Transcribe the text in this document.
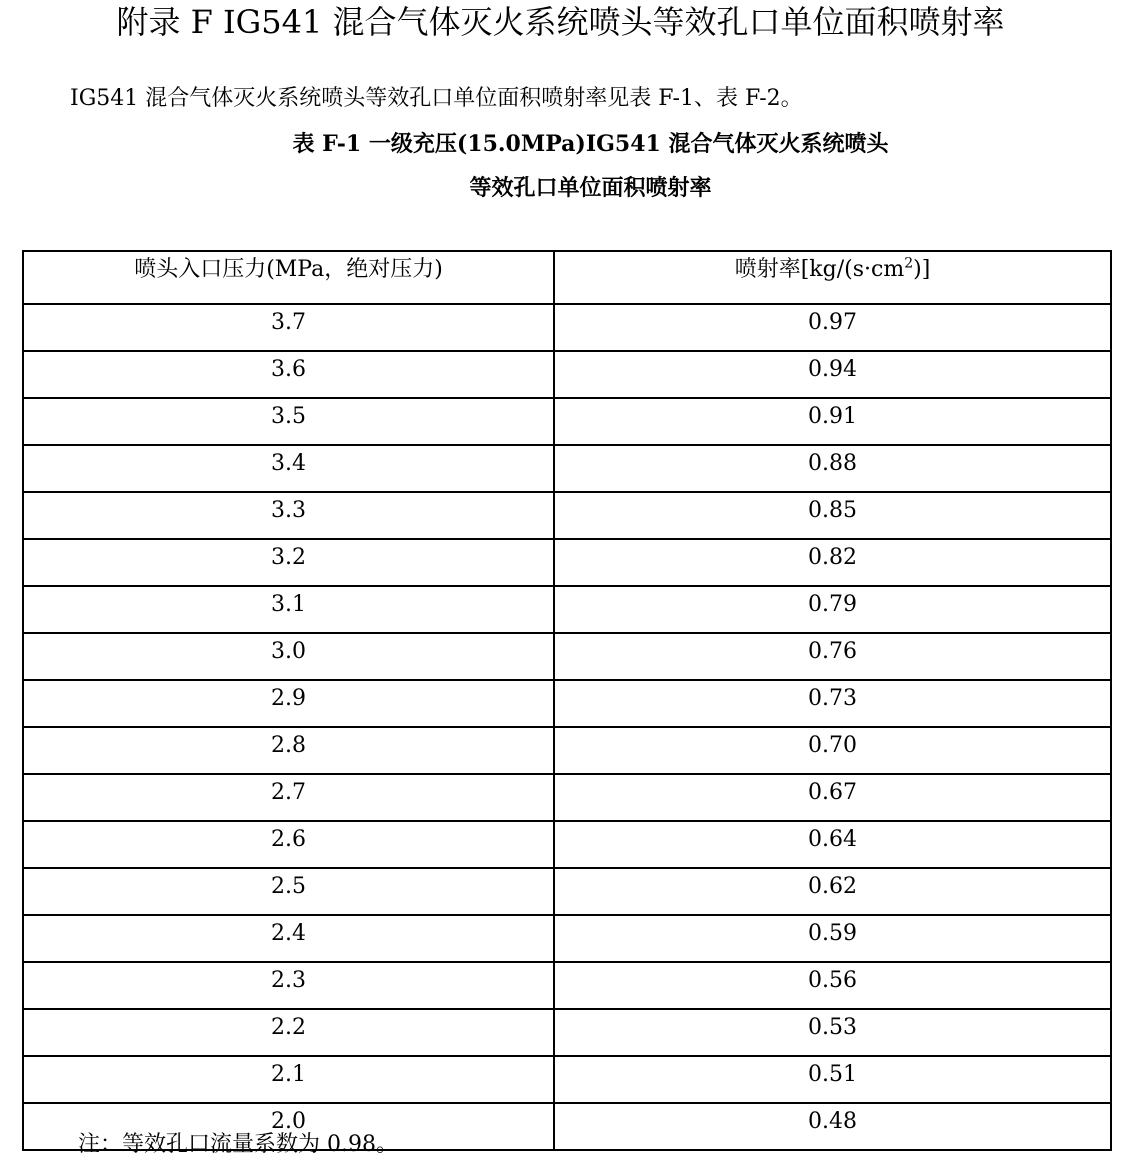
附录 F IG541 混合气体灭火系统喷头等效孔口单位面积喷射率

IG541 混合气体灭火系统喷头等效孔口单位面积喷射率见表 F-1、表 F-2。

表 F-1 一级充压(15.0MPa)IG541 混合气体灭火系统喷头

等效孔口单位面积喷射率

喷头入口压力(MPa，绝对压力)	喷射率$[kg/(s\cdot cm^2)]$
3.7	0.97
3.6	0.94
3.5	0.91
3.4	0.88
3.3	0.85
3.2	0.82
3.1	0.79
3.0	0.76
2.9	0.73
2.8	0.70
2.7	0.67
2.6	0.64
2.5	0.62
2.4	0.59
2.3	0.56
2.2	0.53
2.1	0.51
2.0	0.48

注：等效孔口流量系数为 0.98。
